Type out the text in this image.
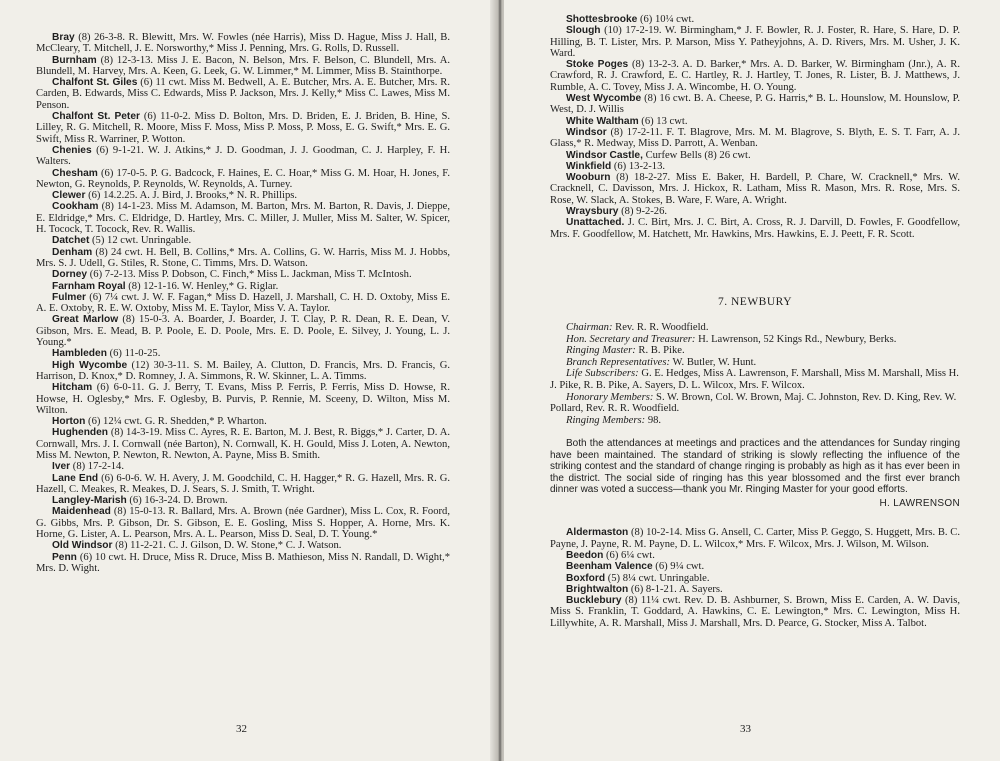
Bray (8) 26-3-8. R. Blewitt, Mrs. W. Fowles (née Harris), Miss D. Hague, Miss J. Hall, B. McCleary, T. Mitchell, J. E. Norsworthy,* Miss J. Penning, Mrs. G. Rolls, D. Russell.

Burnham (8) 12-3-13. Miss J. E. Bacon, N. Belson, Mrs. F. Belson, C. Blundell, Mrs. A. Blundell, M. Harvey, Mrs. A. Keen, G. Leek, G. W. Limmer,* M. Limmer, Miss B. Stainthorpe.

Chalfont St. Giles (6) 11 cwt. Miss M. Bedwell, A. E. Butcher, Mrs. A. E. Butcher, Mrs. R. Carden, B. Edwards, Miss C. Edwards, Miss P. Jackson, Mrs. J. Kelly,* Miss C. Lawes, Miss M. Penson.

Chalfont St. Peter (6) 11-0-2. Miss D. Bolton, Mrs. D. Briden, E. J. Briden, B. Hine, S. Lilley, R. G. Mitchell, R. Moore, Miss F. Moss, Miss P. Moss, P. Moss, E. G. Swift,* Mrs. E. G. Swift, Miss R. Warriner, P. Wotton.

Chenies (6) 9-1-21. W. J. Atkins,* J. D. Goodman, J. J. Goodman, C. J. Harpley, F. H. Walters.

Chesham (6) 17-0-5. P. G. Badcock, F. Haines, E. C. Hoar,* Miss G. M. Hoar, H. Jones, F. Newton, G. Reynolds, P. Reynolds, W. Reynolds, A. Turney.

Clewer (6) 14.2.25. A. J. Bird, J. Brooks,* N. R. Phillips.

Cookham (8) 14-1-23. Miss M. Adamson, M. Barton, Mrs. M. Barton, R. Davis, J. Dieppe, E. Eldridge,* Mrs. C. Eldridge, D. Hartley, Mrs. C. Miller, J. Muller, Miss M. Salter, W. Spicer, H. Tocock, T. Tocock, Rev. R. Wallis.

Datchet (5) 12 cwt. Unringable.

Denham (8) 24 cwt. H. Bell, B. Collins,* Mrs. A. Collins, G. W. Harris, Miss M. J. Hobbs, Mrs. S. J. Udell, G. Stiles, R. Stone, C. Timms, Mrs. D. Watson.

Dorney (6) 7-2-13. Miss P. Dobson, C. Finch,* Miss L. Jackman, Miss T. McIntosh.

Farnham Royal (8) 12-1-16. W. Henley,* G. Riglar.

Fulmer (6) 7¼ cwt. J. W. F. Fagan,* Miss D. Hazell, J. Marshall, C. H. D. Oxtoby, Miss E. A. E. Oxtoby, R. E. W. Oxtoby, Miss M. E. Taylor, Miss V. A. Taylor.

Great Marlow (8) 15-0-3. A. Boarder, J. Boarder, J. T. Clay, P. R. Dean, R. E. Dean, V. Gibson, Mrs. E. Mead, B. P. Poole, E. D. Poole, Mrs. E. D. Poole, E. Silvey, J. Young, L. J. Young.*

Hambleden (6) 11-0-25.

High Wycombe (12) 30-3-11. S. M. Bailey, A. Clutton, D. Francis, Mrs. D. Francis, G. Harrison, D. Knox,* D. Romney, J. A. Simmons, R. W. Skinner, L. A. Timms.

Hitcham (6) 6-0-11. G. J. Berry, T. Evans, Miss P. Ferris, P. Ferris, Miss D. Howse, R. Howse, H. Oglesby,* Mrs. F. Oglesby, B. Purvis, P. Rennie, M. Sceeny, D. Wilton, Miss M. Wilton.

Horton (6) 12¼ cwt. G. R. Shedden,* P. Wharton.

Hughenden (8) 14-3-19. Miss C. Ayres, R. E. Barton, M. J. Best, R. Biggs,* J. Carter, D. A. Cornwall, Mrs. J. I. Cornwall (née Barton), N. Cornwall, K. H. Gould, Miss J. Loten, A. Newton, Miss M. Newton, P. Newton, R. Newton, A. Payne, Miss B. Smith.

Iver (8) 17-2-14.

Lane End (6) 6-0-6. W. H. Avery, J. M. Goodchild, C. H. Hagger,* R. G. Hazell, Mrs. R. G. Hazell, C. Meakes, R. Meakes, D. J. Sears, S. J. Smith, T. Wright.

Langley-Marish (6) 16-3-24. D. Brown.

Maidenhead (8) 15-0-13. R. Ballard, Mrs. A. Brown (née Gardner), Miss L. Cox, R. Foord, G. Gibbs, Mrs. P. Gibson, Dr. S. Gibson, E. E. Gosling, Miss S. Hopper, A. Horne, Mrs. K. Horne, G. Lister, A. L. Pearson, Mrs. A. L. Pearson, Miss D. Seal, D. T. Young.*

Old Windsor (8) 11-2-21. C. J. Gilson, D. W. Stone,* C. J. Watson.

Penn (6) 10 cwt. H. Druce, Miss R. Druce, Miss B. Mathieson, Miss N. Randall, D. Wight,* Mrs. D. Wight.

32

Shottesbrooke (6) 10¼ cwt.

Slough (10) 17-2-19. W. Birmingham,* J. F. Bowler, R. J. Foster, R. Hare, S. Hare, D. P. Hilling, B. T. Lister, Mrs. P. Marson, Miss Y. Patheyjohns, A. D. Rivers, Mrs. M. Usher, J. K. Ward.

Stoke Poges (8) 13-2-3. A. D. Barker,* Mrs. A. D. Barker, W. Birmingham (Jnr.), A. R. Crawford, R. J. Crawford, E. C. Hartley, R. J. Hartley, T. Jones, R. Lister, B. J. Matthews, J. Rumble, A. C. Tovey, Miss J. A. Wincombe, H. O. Young.

West Wycombe (8) 16 cwt. B. A. Cheese, P. G. Harris,* B. L. Hounslow, M. Hounslow, P. West, D. J. Willis

White Waltham (6) 13 cwt.

Windsor (8) 17-2-11. F. T. Blagrove, Mrs. M. M. Blagrove, S. Blyth, E. S. T. Farr, A. J. Glass,* R. Medway, Miss D. Parrott, A. Wenban.

Windsor Castle, Curfew Bells (8) 26 cwt.

Winkfield (6) 13-2-13.

Wooburn (8) 18-2-27. Miss E. Baker, H. Bardell, P. Chare, W. Cracknell,* Mrs. W. Cracknell, C. Davisson, Mrs. J. Hickox, R. Latham, Miss R. Mason, Mrs. R. Rose, Mrs. S. Rose, W. Slack, A. Stokes, B. Ware, F. Ware, A. Wright.

Wraysbury (8) 9-2-26.

Unattached. J. C. Birt, Mrs. J. C. Birt, A. Cross, R. J. Darvill, D. Fowles, F. Goodfellow, Mrs. F. Goodfellow, M. Hatchett, Mr. Hawkins, Mrs. Hawkins, E. J. Peett, F. R. Scott.

7. NEWBURY

Chairman: Rev. R. R. Woodfield.

Hon. Secretary and Treasurer: H. Lawrenson, 52 Kings Rd., Newbury, Berks.

Ringing Master: R. B. Pike.

Branch Representatives: W. Butler, W. Hunt.

Life Subscribers: G. E. Hedges, Miss A. Lawrenson, F. Marshall, Miss M. Marshall, Miss H. J. Pike, R. B. Pike, A. Sayers, D. L. Wilcox, Mrs. F. Wilcox.

Honorary Members: S. W. Brown, Col. W. Brown, Maj. C. Johnston, Rev. D. King, Rev. W. Pollard, Rev. R. R. Woodfield.

Ringing Members: 98.

Both the attendances at meetings and practices and the attendances for Sunday ringing have been maintained. The standard of striking is slowly reflecting the influence of the striking contest and the standard of change ringing is probably as high as it has ever been in the district. The social side of ringing has this year blossomed and the first ever branch dinner was voted a success—thank you Mr. Ringing Master for your good efforts.

H. LAWRENSON

Aldermaston (8) 10-2-14. Miss G. Ansell, C. Carter, Miss P. Geggo, S. Huggett, Mrs. B. C. Payne, J. Payne, R. M. Payne, D. L. Wilcox,* Mrs. F. Wilcox, Mrs. J. Wilson, M. Wilson.

Beedon (6) 6¼ cwt.

Beenham Valence (6) 9¼ cwt.

Boxford (5) 8¼ cwt. Unringable.

Brightwalton (6) 8-1-21. A. Sayers.

Bucklebury (8) 11¼ cwt. Rev. D. B. Ashburner, S. Brown, Miss E. Carden, A. W. Davis, Miss S. Franklin, T. Goddard, A. Hawkins, C. E. Lewington,* Mrs. C. Lewington, Miss H. Lillywhite, A. R. Marshall, Miss J. Marshall, Mrs. D. Pearce, G. Stocker, Miss A. Talbot.

33
